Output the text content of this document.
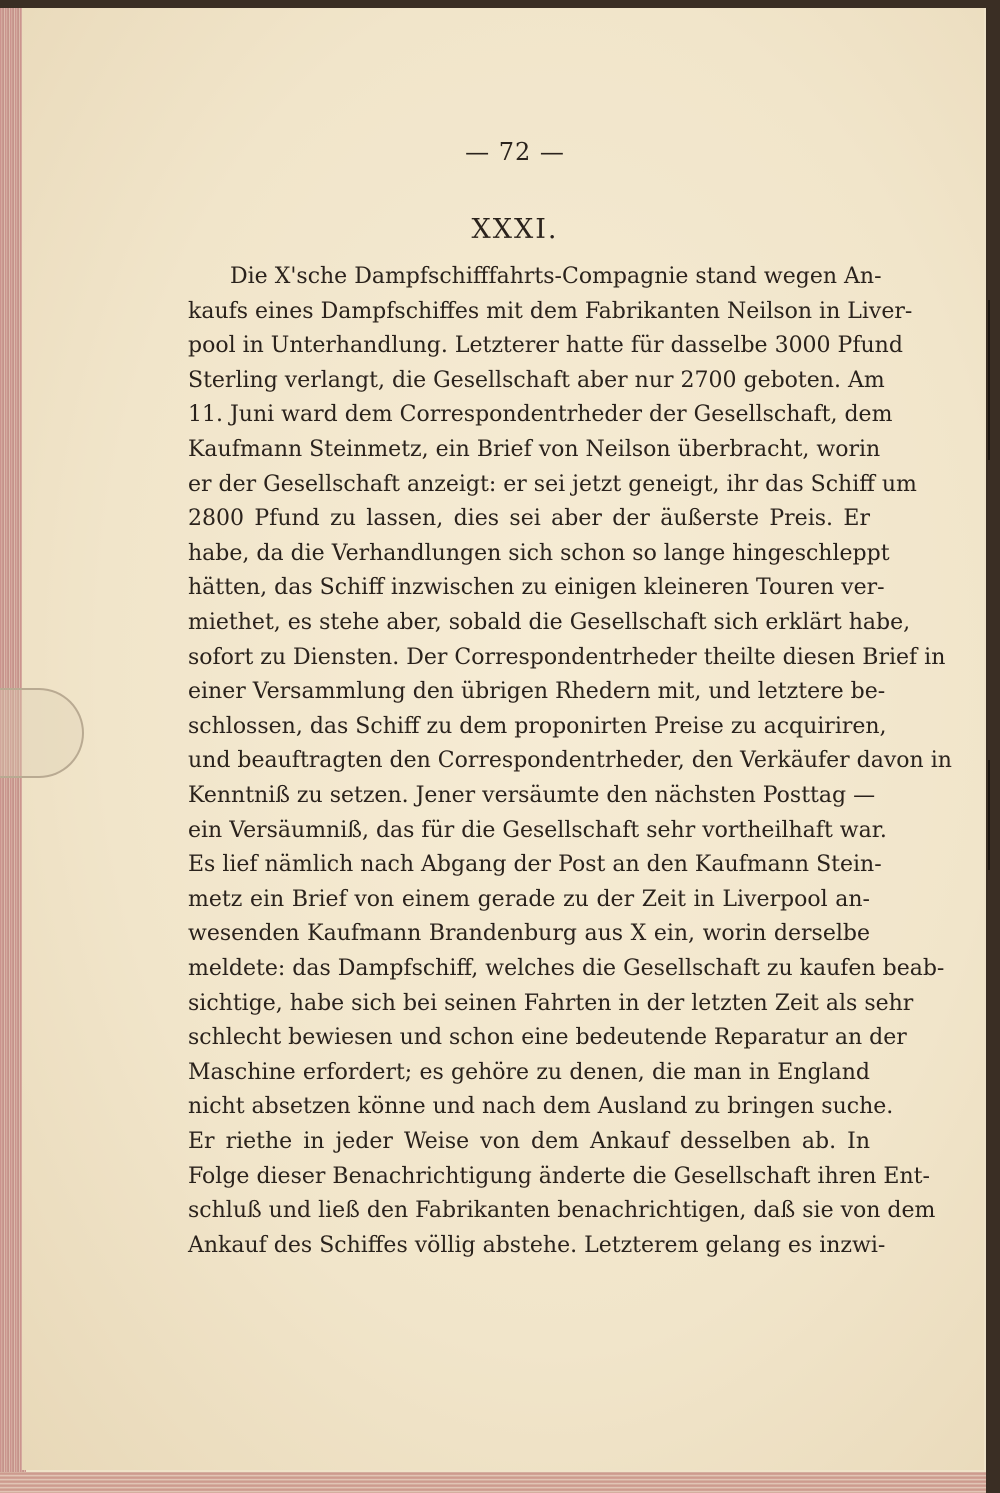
— 72 —
XXXI.
Die X'sche Dampfschifffahrts-Compagnie stand wegen An-
kaufs eines Dampfschiffes mit dem Fabrikanten Neilson in Liver-
pool in Unterhandlung. Letzterer hatte für dasselbe 3000 Pfund
Sterling verlangt, die Gesellschaft aber nur 2700 geboten. Am
11. Juni ward dem Correspondentrheder der Gesellschaft, dem
Kaufmann Steinmetz, ein Brief von Neilson überbracht, worin
er der Gesellschaft anzeigt: er sei jetzt geneigt, ihr das Schiff um
2800 Pfund zu lassen, dies sei aber der äußerste Preis. Er
habe, da die Verhandlungen sich schon so lange hingeschleppt
hätten, das Schiff inzwischen zu einigen kleineren Touren ver-
miethet, es stehe aber, sobald die Gesellschaft sich erklärt habe,
sofort zu Diensten. Der Correspondentrheder theilte diesen Brief in
einer Versammlung den übrigen Rhedern mit, und letztere be-
schlossen, das Schiff zu dem proponirten Preise zu acquiriren,
und beauftragten den Correspondentrheder, den Verkäufer davon in
Kenntniß zu setzen. Jener versäumte den nächsten Posttag —
ein Versäumniß, das für die Gesellschaft sehr vortheilhaft war.
Es lief nämlich nach Abgang der Post an den Kaufmann Stein-
metz ein Brief von einem gerade zu der Zeit in Liverpool an-
wesenden Kaufmann Brandenburg aus X ein, worin derselbe
meldete: das Dampfschiff, welches die Gesellschaft zu kaufen beab-
sichtige, habe sich bei seinen Fahrten in der letzten Zeit als sehr
schlecht bewiesen und schon eine bedeutende Reparatur an der
Maschine erfordert; es gehöre zu denen, die man in England
nicht absetzen könne und nach dem Ausland zu bringen suche.
Er riethe in jeder Weise von dem Ankauf desselben ab. In
Folge dieser Benachrichtigung änderte die Gesellschaft ihren Ent-
schluß und ließ den Fabrikanten benachrichtigen, daß sie von dem
Ankauf des Schiffes völlig abstehe. Letzterem gelang es inzwi-
